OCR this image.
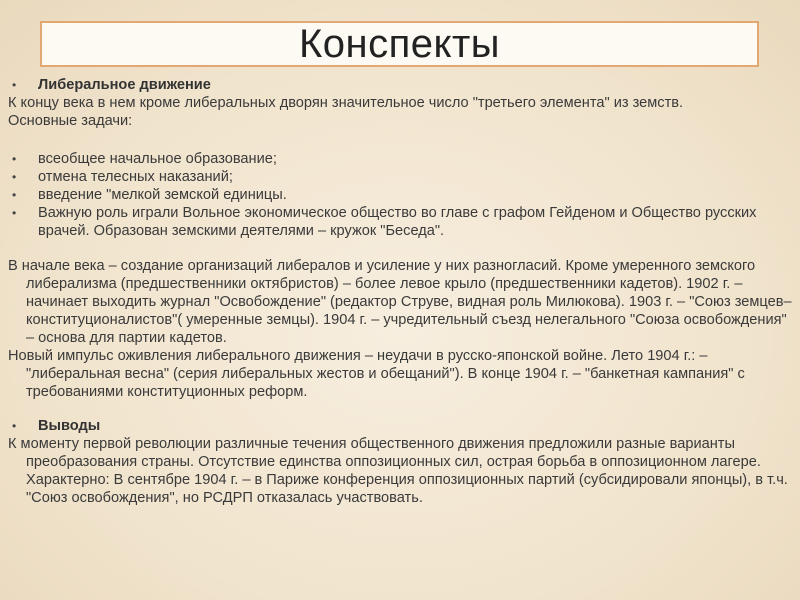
Конспекты
• Либеральное движение
К концу века в нем кроме либеральных дворян значительное число "третьего элемента" из земств.
Основные задачи:
• всеобщее начальное образование;
• отмена телесных наказаний;
• введение "мелкой земской единицы.
• Важную роль играли Вольное экономическое общество во главе с графом Гейденом и Общество русских врачей. Образован земскими деятелями – кружок "Беседа".
В начале века – создание организаций либералов и усиление у них разногласий. Кроме умеренного земского либерализма (предшественники октябристов) – более левое крыло (предшественники кадетов). 1902 г. – начинает выходить журнал "Освобождение" (редактор Струве, видная роль Милюкова). 1903 г. – "Союз земцев–конституционалистов"( умеренные земцы). 1904 г. – учредительный съезд нелегального "Союза освобождения" – основа для партии кадетов.
Новый импульс оживления либерального движения – неудачи в русско-японской войне. Лето 1904 г.: – "либеральная весна" (серия либеральных жестов и обещаний"). В конце 1904 г. – "банкетная кампания" с требованиями конституционных реформ.
• Выводы
К моменту первой революции различные течения общественного движения предложили разные варианты преобразования страны. Отсутствие единства оппозиционных сил, острая борьба в оппозиционном лагере. Характерно: В сентябре 1904 г. – в Париже конференция оппозиционных партий (субсидировали японцы), в т.ч. "Союз освобождения", но РСДРП отказалась участвовать.
